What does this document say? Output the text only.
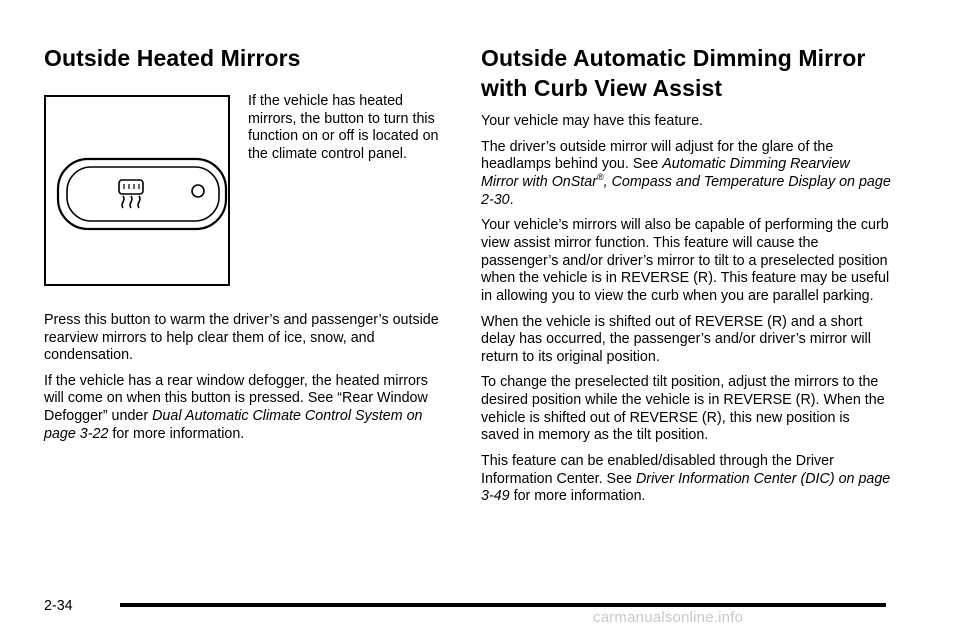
Outside Heated Mirrors

If the vehicle has heated mirrors, the button to turn this function on or off is located on the climate control panel.

Press this button to warm the driver’s and passenger’s outside rearview mirrors to help clear them of ice, snow, and condensation.

If the vehicle has a rear window defogger, the heated mirrors will come on when this button is pressed. See “Rear Window Defogger” under Dual Automatic Climate Control System on page 3-22 for more information.

Outside Automatic Dimming Mirror with Curb View Assist

Your vehicle may have this feature.

The driver’s outside mirror will adjust for the glare of the headlamps behind you. See Automatic Dimming Rearview Mirror with OnStar®, Compass and Temperature Display on page 2-30.

Your vehicle’s mirrors will also be capable of performing the curb view assist mirror function. This feature will cause the passenger’s and/or driver’s mirror to tilt to a preselected position when the vehicle is in REVERSE (R). This feature may be useful in allowing you to view the curb when you are parallel parking.

When the vehicle is shifted out of REVERSE (R) and a short delay has occurred, the passenger’s and/or driver’s mirror will return to its original position.

To change the preselected tilt position, adjust the mirrors to the desired position while the vehicle is in REVERSE (R). When the vehicle is shifted out of REVERSE (R), this new position is saved in memory as the tilt position.

This feature can be enabled/disabled through the Driver Information Center. See Driver Information Center (DIC) on page 3-49 for more information.

2-34
carmanualsonline.info
